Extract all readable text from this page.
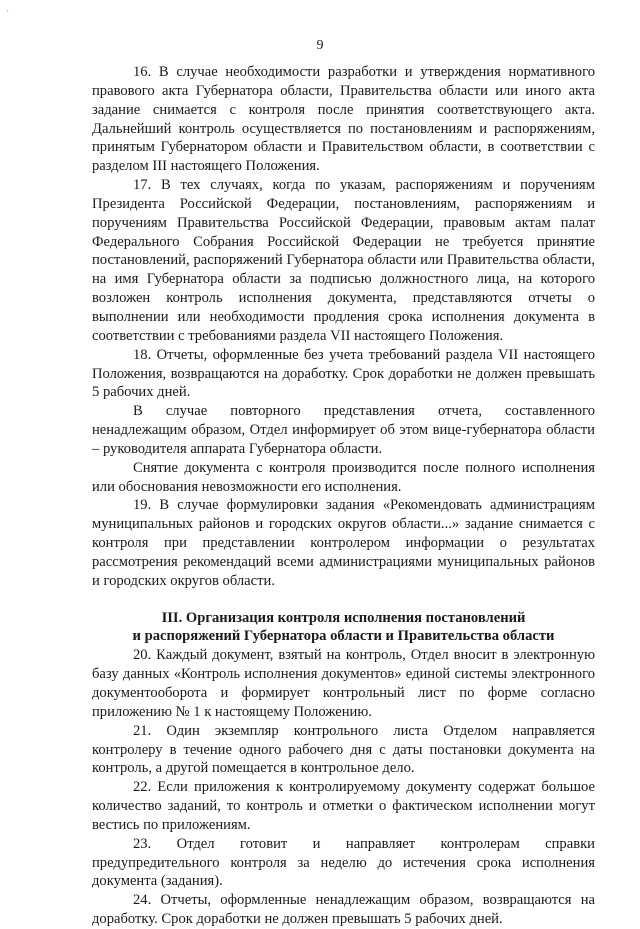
·
9

16. В случае необходимости разработки и утверждения нормативного правового акта Губернатора области, Правительства области или иного акта задание снимается с контроля после принятия соответствующего акта. Дальнейший контроль осуществляется по постановлениям и распоряжениям, принятым Губернатором области и Правительством области, в соответствии с разделом III настоящего Положения.

17. В тех случаях, когда по указам, распоряжениям и поручениям Президента Российской Федерации, постановлениям, распоряжениям и поручениям Правительства Российской Федерации, правовым актам палат Федерального Собрания Российской Федерации не требуется принятие постановлений, распоряжений Губернатора области или Правительства области, на имя Губернатора области за подписью должностного лица, на которого возложен контроль исполнения документа, представляются отчеты о выполнении или необходимости продления срока исполнения документа в соответствии с требованиями раздела VII настоящего Положения.

18. Отчеты, оформленные без учета требований раздела VII настоящего Положения, возвращаются на доработку. Срок доработки не должен превышать 5 рабочих дней.

В случае повторного представления отчета, составленного ненадлежащим образом, Отдел информирует об этом вице-губернатора области – руководителя аппарата Губернатора области.

Снятие документа с контроля производится после полного исполнения или обоснования невозможности его исполнения.

19. В случае формулировки задания «Рекомендовать администрациям муниципальных районов и городских округов области...» задание снимается с контроля при представлении контролером информации о результатах рассмотрения рекомендаций всеми администрациями муниципальных районов и городских округов области.

III. Организация контроля исполнения постановлений
и распоряжений Губернатора области и Правительства области

20. Каждый документ, взятый на контроль, Отдел вносит в электронную базу данных «Контроль исполнения документов» единой системы электронного документооборота и формирует контрольный лист по форме согласно приложению № 1 к настоящему Положению.

21. Один экземпляр контрольного листа Отделом направляется контролеру в течение одного рабочего дня с даты постановки документа на контроль, а другой помещается в контрольное дело.

22. Если приложения к контролируемому документу содержат большое количество заданий, то контроль и отметки о фактическом исполнении могут вестись по приложениям.

23. Отдел готовит и направляет контролерам справки предупредительного контроля за неделю до истечения срока исполнения документа (задания).

24. Отчеты, оформленные ненадлежащим образом, возвращаются на доработку. Срок доработки не должен превышать 5 рабочих дней.
